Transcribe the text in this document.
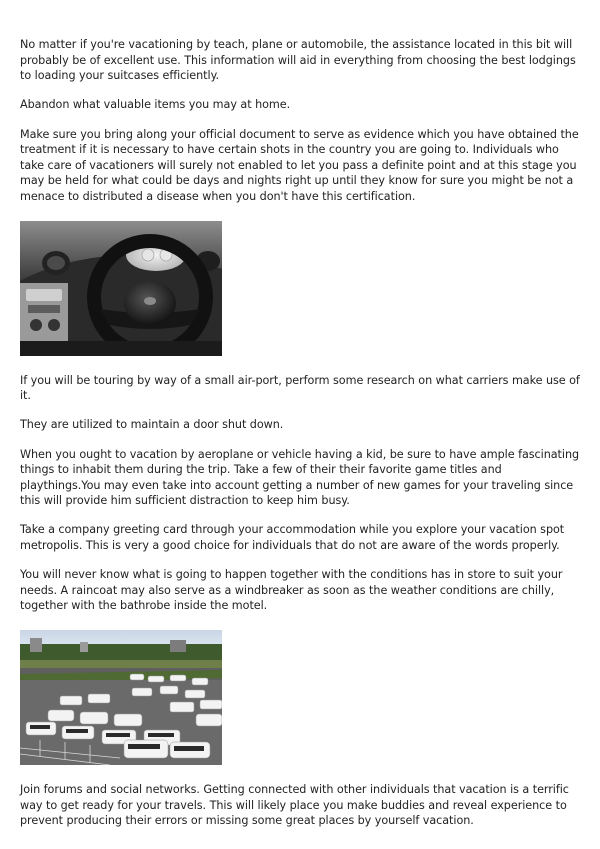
No matter if you're vacationing by teach, plane or automobile, the assistance located in this bit will probably be of excellent use. This information will aid in everything from choosing the best lodgings to loading your suitcases efficiently.

Abandon what valuable items you may at home.

Make sure you bring along your official document to serve as evidence which you have obtained the treatment if it is necessary to have certain shots in the country you are going to. Individuals who take care of vacationers will surely not enabled to let you pass a definite point and at this stage you may be held for what could be days and nights right up until they know for sure you might be not a menace to distributed a disease when you don't have this certification.

If you will be touring by way of a small air-port, perform some research on what carriers make use of it.

They are utilized to maintain a door shut down.

When you ought to vacation by aeroplane or vehicle having a kid, be sure to have ample fascinating things to inhabit them during the trip. Take a few of their their favorite game titles and playthings.You may even take into account getting a number of new games for your traveling since this will provide him sufficient distraction to keep him busy.

Take a company greeting card through your accommodation while you explore your vacation spot metropolis. This is very a good choice for individuals that do not are aware of the words properly.

You will never know what is going to happen together with the conditions has in store to suit your needs. A raincoat may also serve as a windbreaker as soon as the weather conditions are chilly, together with the bathrobe inside the motel.

Join forums and social networks. Getting connected with other individuals that vacation is a terrific way to get ready for your travels. This will likely place you make buddies and reveal experience to prevent producing their errors or missing some great places by yourself vacation.
